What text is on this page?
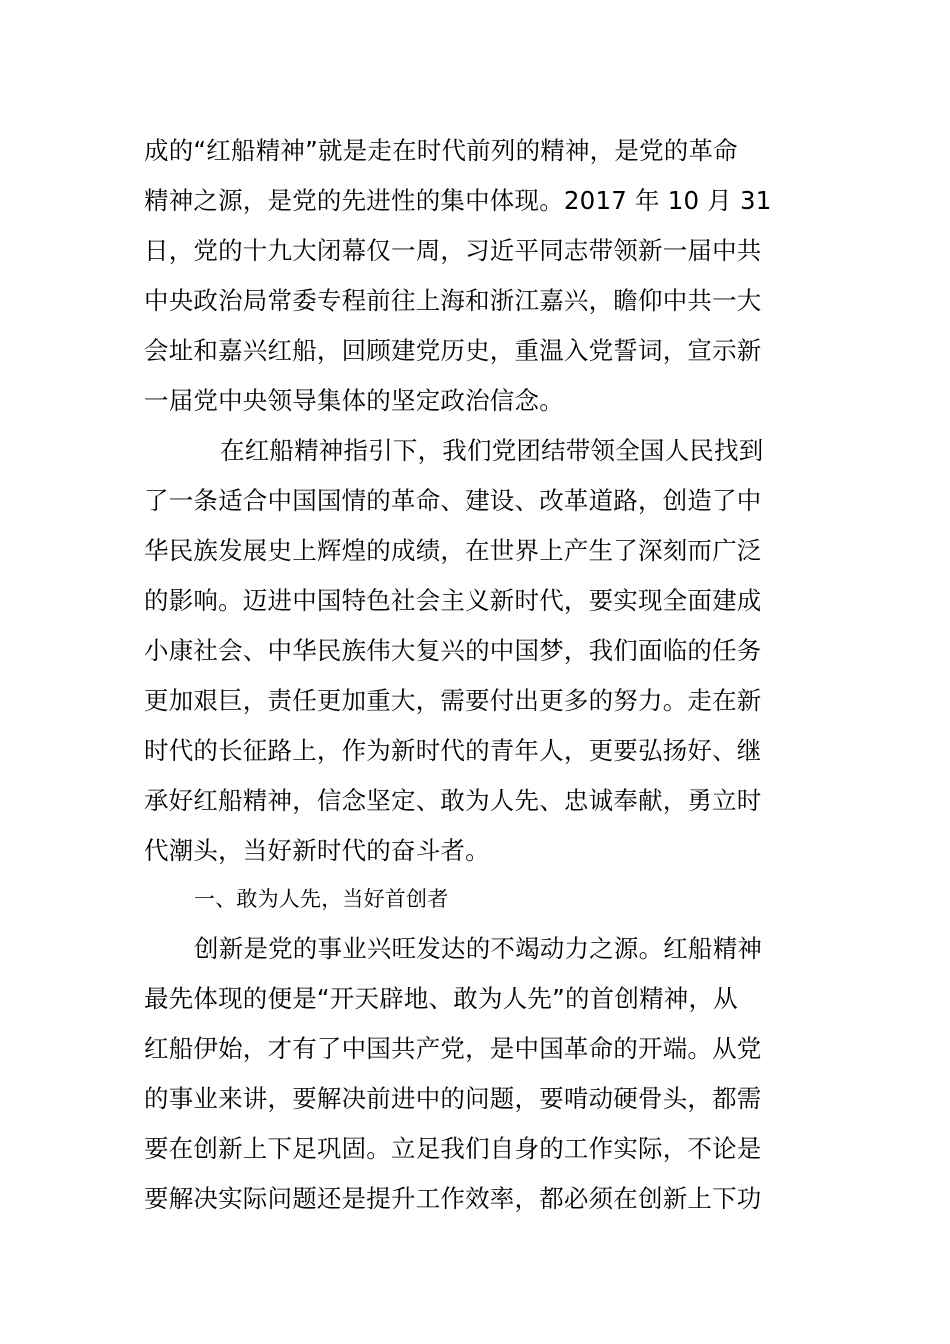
成的“红船精神”就是走在时代前列的精神，是党的革命
精神之源，是党的先进性的集中体现。2017 年 10 月 31
日，党的十九大闭幕仅一周，习近平同志带领新一届中共
中央政治局常委专程前往上海和浙江嘉兴，瞻仰中共一大
会址和嘉兴红船，回顾建党历史，重温入党誓词，宣示新
一届党中央领导集体的坚定政治信念。
在红船精神指引下，我们党团结带领全国人民找到
了一条适合中国国情的革命、建设、改革道路，创造了中
华民族发展史上辉煌的成绩，在世界上产生了深刻而广泛
的影响。迈进中国特色社会主义新时代，要实现全面建成
小康社会、中华民族伟大复兴的中国梦，我们面临的任务
更加艰巨，责任更加重大，需要付出更多的努力。走在新
时代的长征路上，作为新时代的青年人，更要弘扬好、继
承好红船精神，信念坚定、敢为人先、忠诚奉献，勇立时
代潮头，当好新时代的奋斗者。
一、敢为人先，当好首创者
创新是党的事业兴旺发达的不竭动力之源。红船精神
最先体现的便是“开天辟地、敢为人先”的首创精神，从
红船伊始，才有了中国共产党，是中国革命的开端。从党
的事业来讲，要解决前进中的问题，要啃动硬骨头，都需
要在创新上下足巩固。立足我们自身的工作实际，不论是
要解决实际问题还是提升工作效率，都必须在创新上下功
